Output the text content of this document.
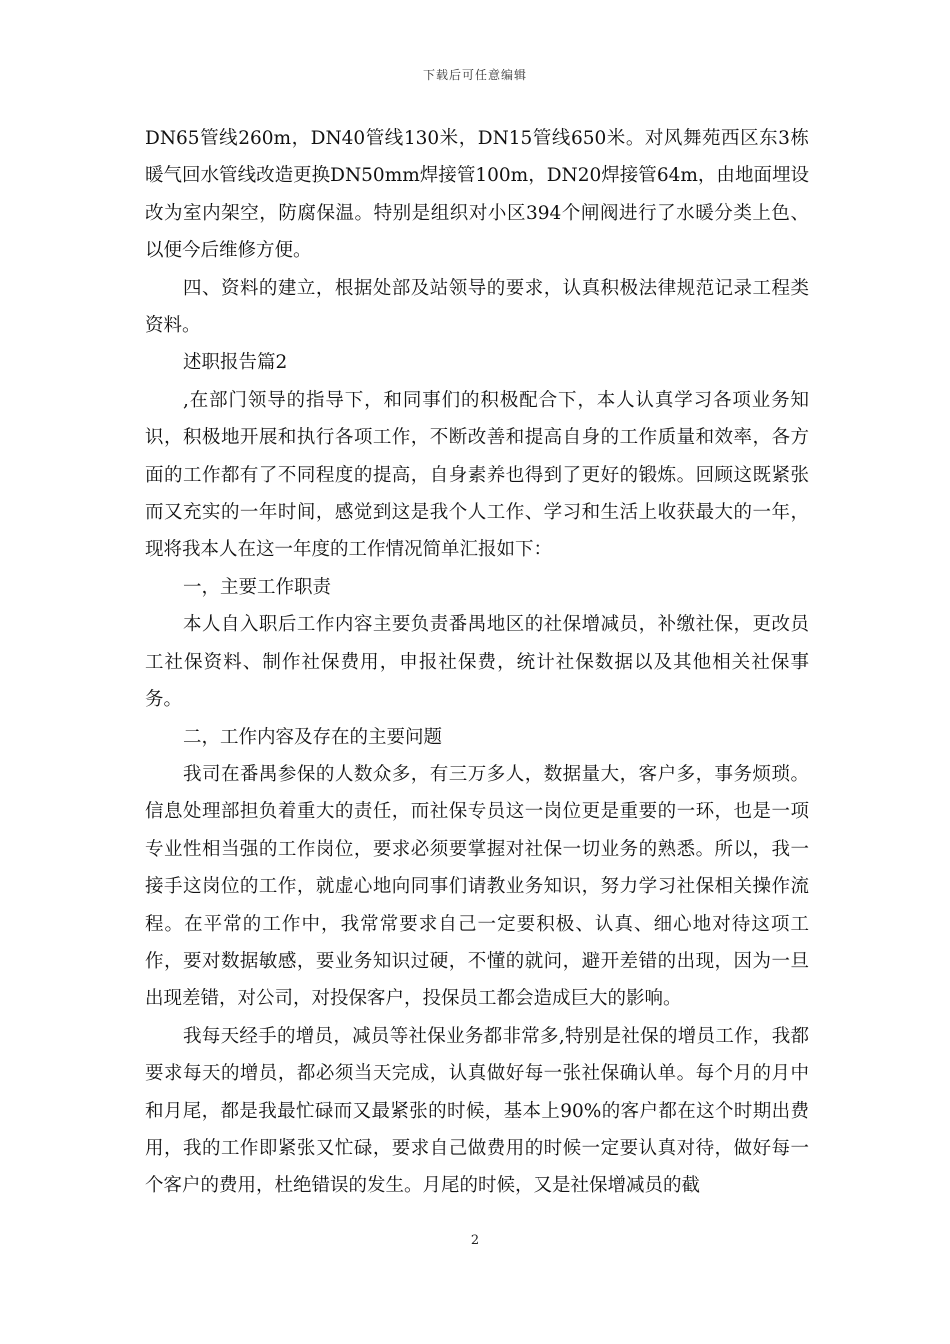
下载后可任意编辑

DN65管线260m，DN40管线130米，DN15管线650米。对风舞苑西区东3栋暖气回水管线改造更换DN50mm焊接管100m，DN20焊接管64m，由地面埋设改为室内架空，防腐保温。特别是组织对小区394个闸阀进行了水暖分类上色、以便今后维修方便。

四、资料的建立，根据处部及站领导的要求，认真积极法律规范记录工程类资料。

述职报告篇2

,在部门领导的指导下，和同事们的积极配合下，本人认真学习各项业务知识，积极地开展和执行各项工作，不断改善和提高自身的工作质量和效率，各方面的工作都有了不同程度的提高，自身素养也得到了更好的锻炼。回顾这既紧张而又充实的一年时间，感觉到这是我个人工作、学习和生活上收获最大的一年，现将我本人在这一年度的工作情况简单汇报如下：

一，主要工作职责

本人自入职后工作内容主要负责番禺地区的社保增减员，补缴社保，更改员工社保资料、制作社保费用，申报社保费，统计社保数据以及其他相关社保事务。

二，工作内容及存在的主要问题

我司在番禺参保的人数众多，有三万多人，数据量大，客户多，事务烦琐。信息处理部担负着重大的责任，而社保专员这一岗位更是重要的一环，也是一项专业性相当强的工作岗位，要求必须要掌握对社保一切业务的熟悉。所以，我一接手这岗位的工作，就虚心地向同事们请教业务知识，努力学习社保相关操作流程。在平常的工作中，我常常要求自己一定要积极、认真、细心地对待这项工作，要对数据敏感，要业务知识过硬，不懂的就问，避开差错的出现，因为一旦出现差错，对公司，对投保客户，投保员工都会造成巨大的影响。

我每天经手的增员，减员等社保业务都非常多,特别是社保的增员工作，我都要求每天的增员，都必须当天完成，认真做好每一张社保确认单。每个月的月中和月尾，都是我最忙碌而又最紧张的时候，基本上90%的客户都在这个时期出费用，我的工作即紧张又忙碌，要求自己做费用的时候一定要认真对待，做好每一个客户的费用，杜绝错误的发生。月尾的时候，又是社保增减员的截

2
